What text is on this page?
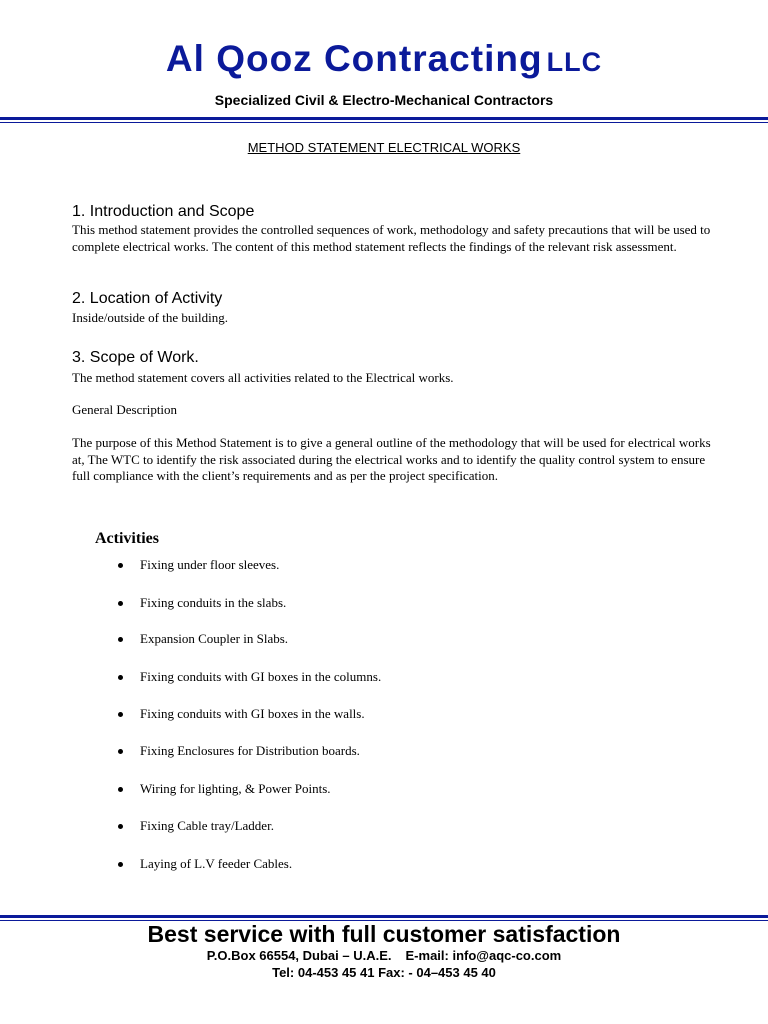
Al Qooz Contracting LLC
Specialized Civil & Electro-Mechanical Contractors
METHOD STATEMENT ELECTRICAL WORKS
1. Introduction and Scope
This method statement provides the controlled sequences of work, methodology and safety precautions that will be used to complete electrical works. The content of this method statement reflects the findings of the relevant risk assessment.
2. Location of Activity
Inside/outside of the building.
3. Scope of Work.
The method statement covers all activities related to the Electrical works.
General Description
The purpose of this Method Statement is to give a general outline of the methodology that will be used for electrical works at, The WTC to identify the risk associated during the electrical works and to identify the quality control system to ensure full compliance with the client’s requirements and as per the project specification.
Activities
Fixing under floor sleeves.
Fixing conduits in the slabs.
Expansion Coupler in Slabs.
Fixing conduits with GI boxes in the columns.
Fixing conduits with GI boxes in the walls.
Fixing Enclosures for Distribution boards.
Wiring for lighting, & Power Points.
Fixing Cable tray/Ladder.
Laying of L.V feeder Cables.
Best service with full customer satisfaction
P.O.Box 66554, Dubai – U.A.E. E-mail: info@aqc-co.com
Tel: 04-453 45 41 Fax: - 04–453 45 40
